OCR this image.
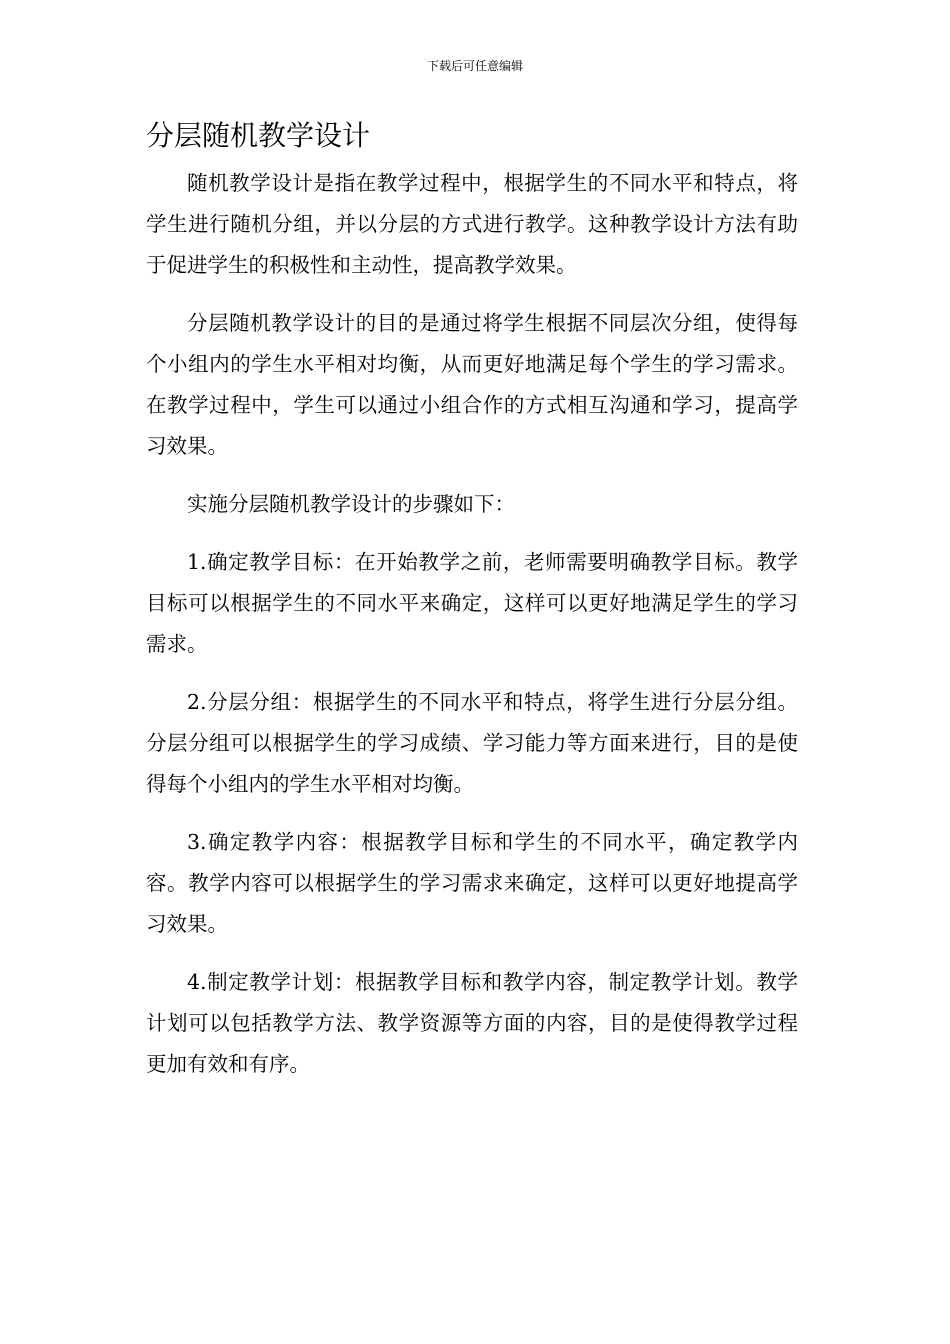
下载后可任意编辑
分层随机教学设计

随机教学设计是指在教学过程中，根据学生的不同水平和特点，将学生进行随机分组，并以分层的方式进行教学。这种教学设计方法有助于促进学生的积极性和主动性，提高教学效果。

分层随机教学设计的目的是通过将学生根据不同层次分组，使得每个小组内的学生水平相对均衡，从而更好地满足每个学生的学习需求。在教学过程中，学生可以通过小组合作的方式相互沟通和学习，提高学习效果。

实施分层随机教学设计的步骤如下：

1.确定教学目标：在开始教学之前，老师需要明确教学目标。教学目标可以根据学生的不同水平来确定，这样可以更好地满足学生的学习需求。

2.分层分组：根据学生的不同水平和特点，将学生进行分层分组。分层分组可以根据学生的学习成绩、学习能力等方面来进行，目的是使得每个小组内的学生水平相对均衡。

3.确定教学内容：根据教学目标和学生的不同水平，确定教学内容。教学内容可以根据学生的学习需求来确定，这样可以更好地提高学习效果。

4.制定教学计划：根据教学目标和教学内容，制定教学计划。教学计划可以包括教学方法、教学资源等方面的内容，目的是使得教学过程更加有效和有序。
